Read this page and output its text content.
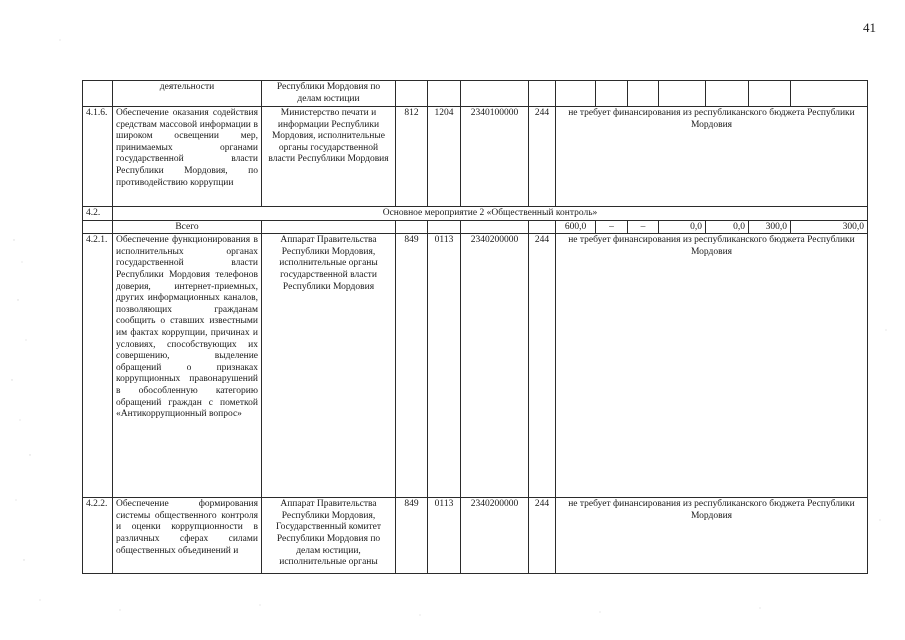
41
	деятельности	Республики Мордовия по делам юстиции											
4.1.6.	Обеспечение оказания содействия средствам массовой информации в широком освещении мер, принимаемых органами государственной власти Республики Мордовия, по противодействию коррупции	Министерство печати и информации Республики Мордовия, исполнительные органы государственной власти Республики Мордовия	812	1204	2340100000	244	не требует финансирования из республиканского бюджета Республики Мордовия						
4.2.	Основное мероприятие 2 «Общественный контроль»												
	Всего						600,0	–	–	0,0	0,0	300,0	300,0
4.2.1.	Обеспечение функционирования в исполнительных органах государственной власти Республики Мордовия телефонов доверия, интернет-приемных, других информационных каналов, позволяющих гражданам сообщить о ставших известными им фактах коррупции, причинах и условиях, способствующих их совершению, выделение обращений о признаках коррупционных правонарушений в обособленную категорию обращений граждан с пометкой «Антикоррупционный вопрос»	Аппарат Правительства Республики Мордовия, исполнительные органы государственной власти Республики Мордовия	849	0113	2340200000	244	не требует финансирования из республиканского бюджета Республики Мордовия						
4.2.2.	Обеспечение формирования системы общественного контроля и оценки коррупционности в различных сферах силами общественных объединений и	Аппарат Правительства Республики Мордовия, Государственный комитет Республики Мордовия по делам юстиции, исполнительные органы	849	0113	2340200000	244	не требует финансирования из республиканского бюджета Республики Мордовия						
